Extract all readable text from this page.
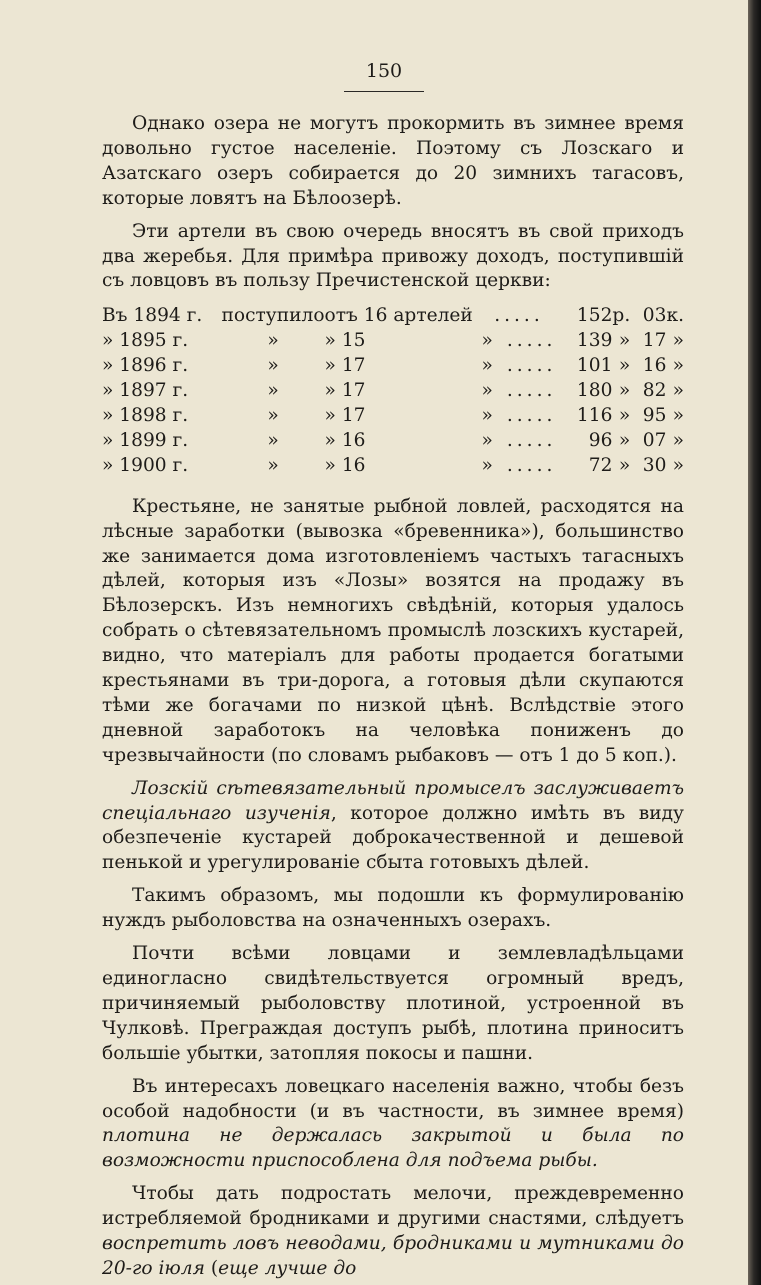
150

Однако озера не могутъ прокормить въ зимнее время довольно густое населеніе. Поэтому съ Лозскаго и Азатскаго озеръ собирается до 20 зимнихъ тагасовъ, которые ловятъ на Бѣлоозерѣ.

Эти артели въ свою очередь вносятъ въ свой приходъ два жеребья. Для примѣра привожу доходъ, поступившій съ ловцовъ въ пользу Пречистенской церкви:

Въ 1894 г.	поступило	отъ 16 артелей	.....	152	р.	03	к.
» 1895 г.	»	» 15	» .....	139	»	17	»
» 1896 г.	»	» 17	» .....	101	»	16	»
» 1897 г.	»	» 17	» .....	180	»	82	»
» 1898 г.	»	» 17	» .....	116	»	95	»
» 1899 г.	»	» 16	» .....	96	»	07	»
» 1900 г.	»	» 16	» .....	72	»	30	»

Крестьяне, не занятые рыбной ловлей, расходятся на лѣсные заработки (вывозка «бревенника»), большинство же занимается дома изготовленіемъ частыхъ тагасныхъ дѣлей, которыя изъ «Лозы» возятся на продажу въ Бѣлозерскъ. Изъ немногихъ свѣдѣній, которыя удалось собрать о сѣтевязательномъ промыслѣ лозскихъ кустарей, видно, что матеріалъ для работы продается богатыми крестьянами въ три-дорога, а готовыя дѣли скупаются тѣми же богачами по низкой цѣнѣ. Вслѣдствіе этого дневной заработокъ на человѣка пониженъ до чрезвычайности (по словамъ рыбаковъ — отъ 1 до 5 коп.).

Лозскій сѣтевязательный промыселъ заслуживаетъ спеціальнаго изученія, которое должно имѣть въ виду обезпеченіе кустарей доброкачественной и дешевой пенькой и урегулированіе сбыта готовыхъ дѣлей.

Такимъ образомъ, мы подошли къ формулированію нуждъ рыболовства на означенныхъ озерахъ.

Почти всѣми ловцами и землевладѣльцами единогласно свидѣтельствуется огромный вредъ, причиняемый рыболовству плотиной, устроенной въ Чулковѣ. Преграждая доступъ рыбѣ, плотина приноситъ большіе убытки, затопляя покосы и пашни.

Въ интересахъ ловецкаго населенія важно, чтобы безъ особой надобности (и въ частности, въ зимнее время) плотина не держалась закрытой и была по возможности приспособлена для подъема рыбы.

Чтобы дать подростать мелочи, преждевременно истребляемой бродниками и другими снастями, слѣдуетъ воспретить ловъ неводами, бродниками и мутниками до 20-го іюля (еще лучше до
